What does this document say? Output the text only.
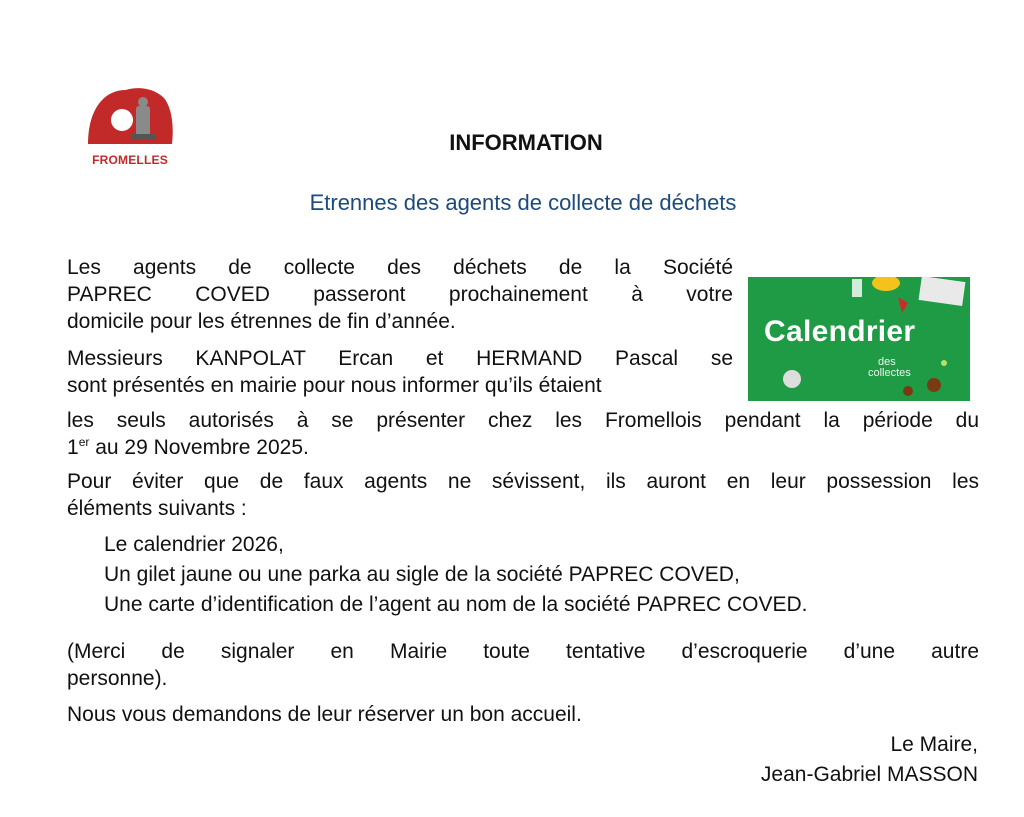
FROMELLES
INFORMATION
Etrennes des agents de collecte de déchets
Calendrier
des
collectes
Les agents de collecte des déchets de la Société
PAPREC COVED passeront prochainement à votre
domicile pour les étrennes de fin d’année.
Messieurs KANPOLAT Ercan et HERMAND Pascal se
sont présentés en mairie pour nous informer qu’ils étaient
les seuls autorisés à se présenter chez les Fromellois pendant la période du
1er au 29 Novembre 2025.
Pour éviter que de faux agents ne sévissent, ils auront en leur possession les
éléments suivants :
Le calendrier 2026,
Un gilet jaune ou une parka au sigle de la société PAPREC COVED,
Une carte d’identification de l’agent au nom de la société PAPREC COVED.
(Merci de signaler en Mairie toute tentative d’escroquerie d’une autre
personne).
Nous vous demandons de leur réserver un bon accueil.
Le Maire,
Jean-Gabriel MASSON
